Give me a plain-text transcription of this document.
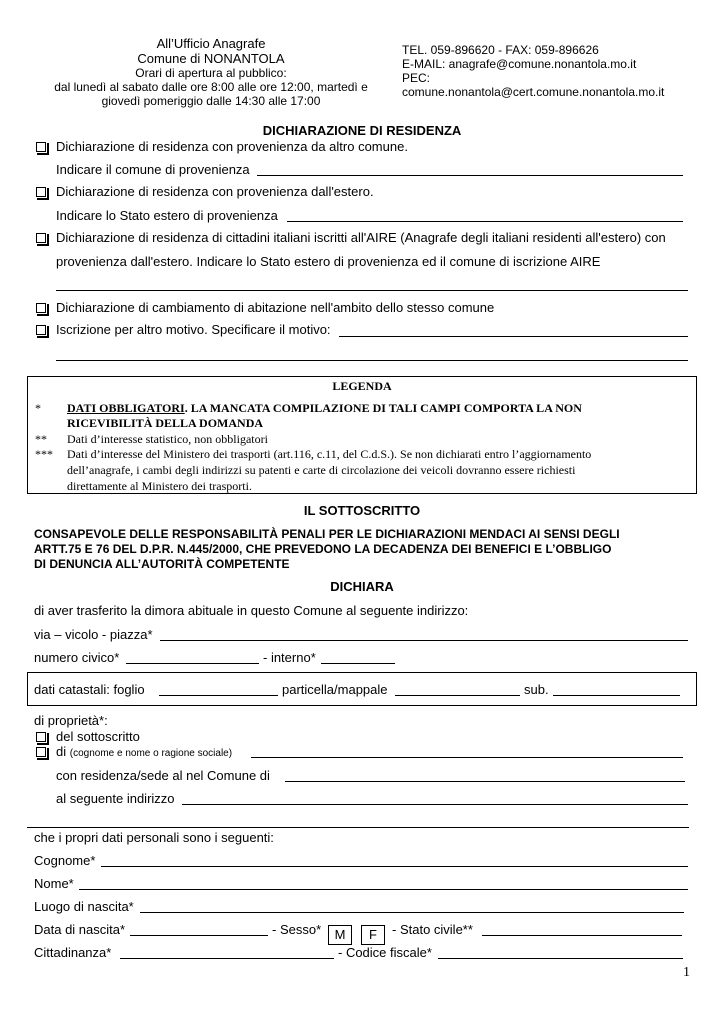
All’Ufficio Anagrafe
Comune di NONANTOLA
Orari di apertura al pubblico:
dal lunedì al sabato dalle ore 8:00 alle ore 12:00, martedì e
giovedì pomeriggio dalle 14:30 alle 17:00
TEL. 059-896620 - FAX: 059-896626
E-MAIL: anagrafe@comune.nonantola.mo.it
PEC:
comune.nonantola@cert.comune.nonantola.mo.it
DICHIARAZIONE DI RESIDENZA
Dichiarazione di residenza con provenienza da altro comune.
Indicare il comune di provenienza
Dichiarazione di residenza con provenienza dall'estero.
Indicare lo Stato estero di provenienza
Dichiarazione di residenza di cittadini italiani iscritti all'AIRE (Anagrafe degli italiani residenti all'estero) con
provenienza dall'estero. Indicare lo Stato estero di provenienza ed il comune di iscrizione AIRE
Dichiarazione di cambiamento di abitazione nell'ambito dello stesso comune
Iscrizione per altro motivo. Specificare il motivo:
LEGENDA
* DATI OBBLIGATORI. LA MANCATA COMPILAZIONE DI TALI CAMPI COMPORTA LA NON
RICEVIBILITÀ DELLA DOMANDA
** Dati d’interesse statistico, non obbligatori
*** Dati d’interesse del Ministero dei trasporti (art.116, c.11, del C.d.S.). Se non dichiarati entro l’aggiornamento
dell’anagrafe, i cambi degli indirizzi su patenti e carte di circolazione dei veicoli dovranno essere richiesti
direttamente al Ministero dei trasporti.
IL SOTTOSCRITTO
CONSAPEVOLE DELLE RESPONSABILITÀ PENALI PER LE DICHIARAZIONI MENDACI AI SENSI DEGLI
ARTT.75 E 76 DEL D.P.R. N.445/2000, CHE PREVEDONO LA DECADENZA DEI BENEFICI E L’OBBLIGO
DI DENUNCIA ALL’AUTORITÀ COMPETENTE
DICHIARA
di aver trasferito la dimora abituale in questo Comune al seguente indirizzo:
via – vicolo - piazza*
numero civico*	- interno*
dati catastali: foglio	particella/mappale	sub.
di proprietà*:
del sottoscritto
di (cognome e nome o ragione sociale)
con residenza/sede al nel Comune di
al seguente indirizzo
che i propri dati personali sono i seguenti:
Cognome*
Nome*
Luogo di nascita*
Data di nascita*	- Sesso*	M	F	- Stato civile**
Cittadinanza*	- Codice fiscale*
1
